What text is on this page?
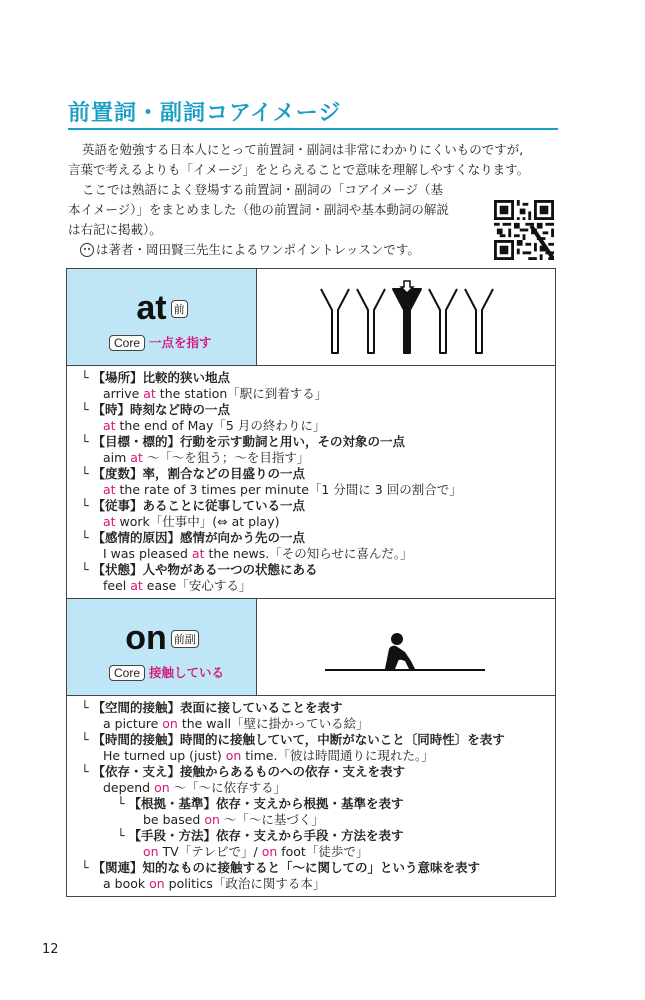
前置詞・副詞コアイメージ
英語を勉強する日本人にとって前置詞・副詞は非常にわかりにくいものですが,
言葉で考えるよりも「イメージ」をとらえることで意味を理解しやすくなります。
ここでは熟語によく登場する前置詞・副詞の「コアイメージ（基
本イメージ）」をまとめました（他の前置詞・副詞や基本動詞の解説
は右記に掲載）。
は著者・岡田賢三先生によるワンポイントレッスンです。
at 前
Core 一点を指す
└ 【場所】比較的狭い地点
arrive at the station「駅に到着する」
└ 【時】時刻など時の一点
at the end of May「5 月の終わりに」
└ 【目標・標的】行動を示す動詞と用い，その対象の一点
aim at ～「～を狙う；～を目指す」
└ 【度数】率，割合などの目盛りの一点
at the rate of 3 times per minute「1 分間に 3 回の割合で」
└ 【従事】あることに従事している一点
at work「仕事中」(⇔ at play)
└ 【感情的原因】感情が向かう先の一点
I was pleased at the news.「その知らせに喜んだ。」
└ 【状態】人や物がある一つの状態にある
feel at ease「安心する」
on 前副
Core 接触している
└ 【空間的接触】表面に接していることを表す
a picture on the wall「壁に掛かっている絵」
└ 【時間的接触】時間的に接触していて，中断がないこと〔同時性〕を表す
He turned up (just) on time.「彼は時間通りに現れた。」
└ 【依存・支え】接触からあるものへの依存・支えを表す
depend on ～「～に依存する」
└ 【根拠・基準】依存・支えから根拠・基準を表す
be based on ～「～に基づく」
└ 【手段・方法】依存・支えから手段・方法を表す
on TV「テレビで」/ on foot「徒歩で」
└ 【関連】知的なものに接触すると「～に関しての」という意味を表す
a book on politics「政治に関する本」
12
